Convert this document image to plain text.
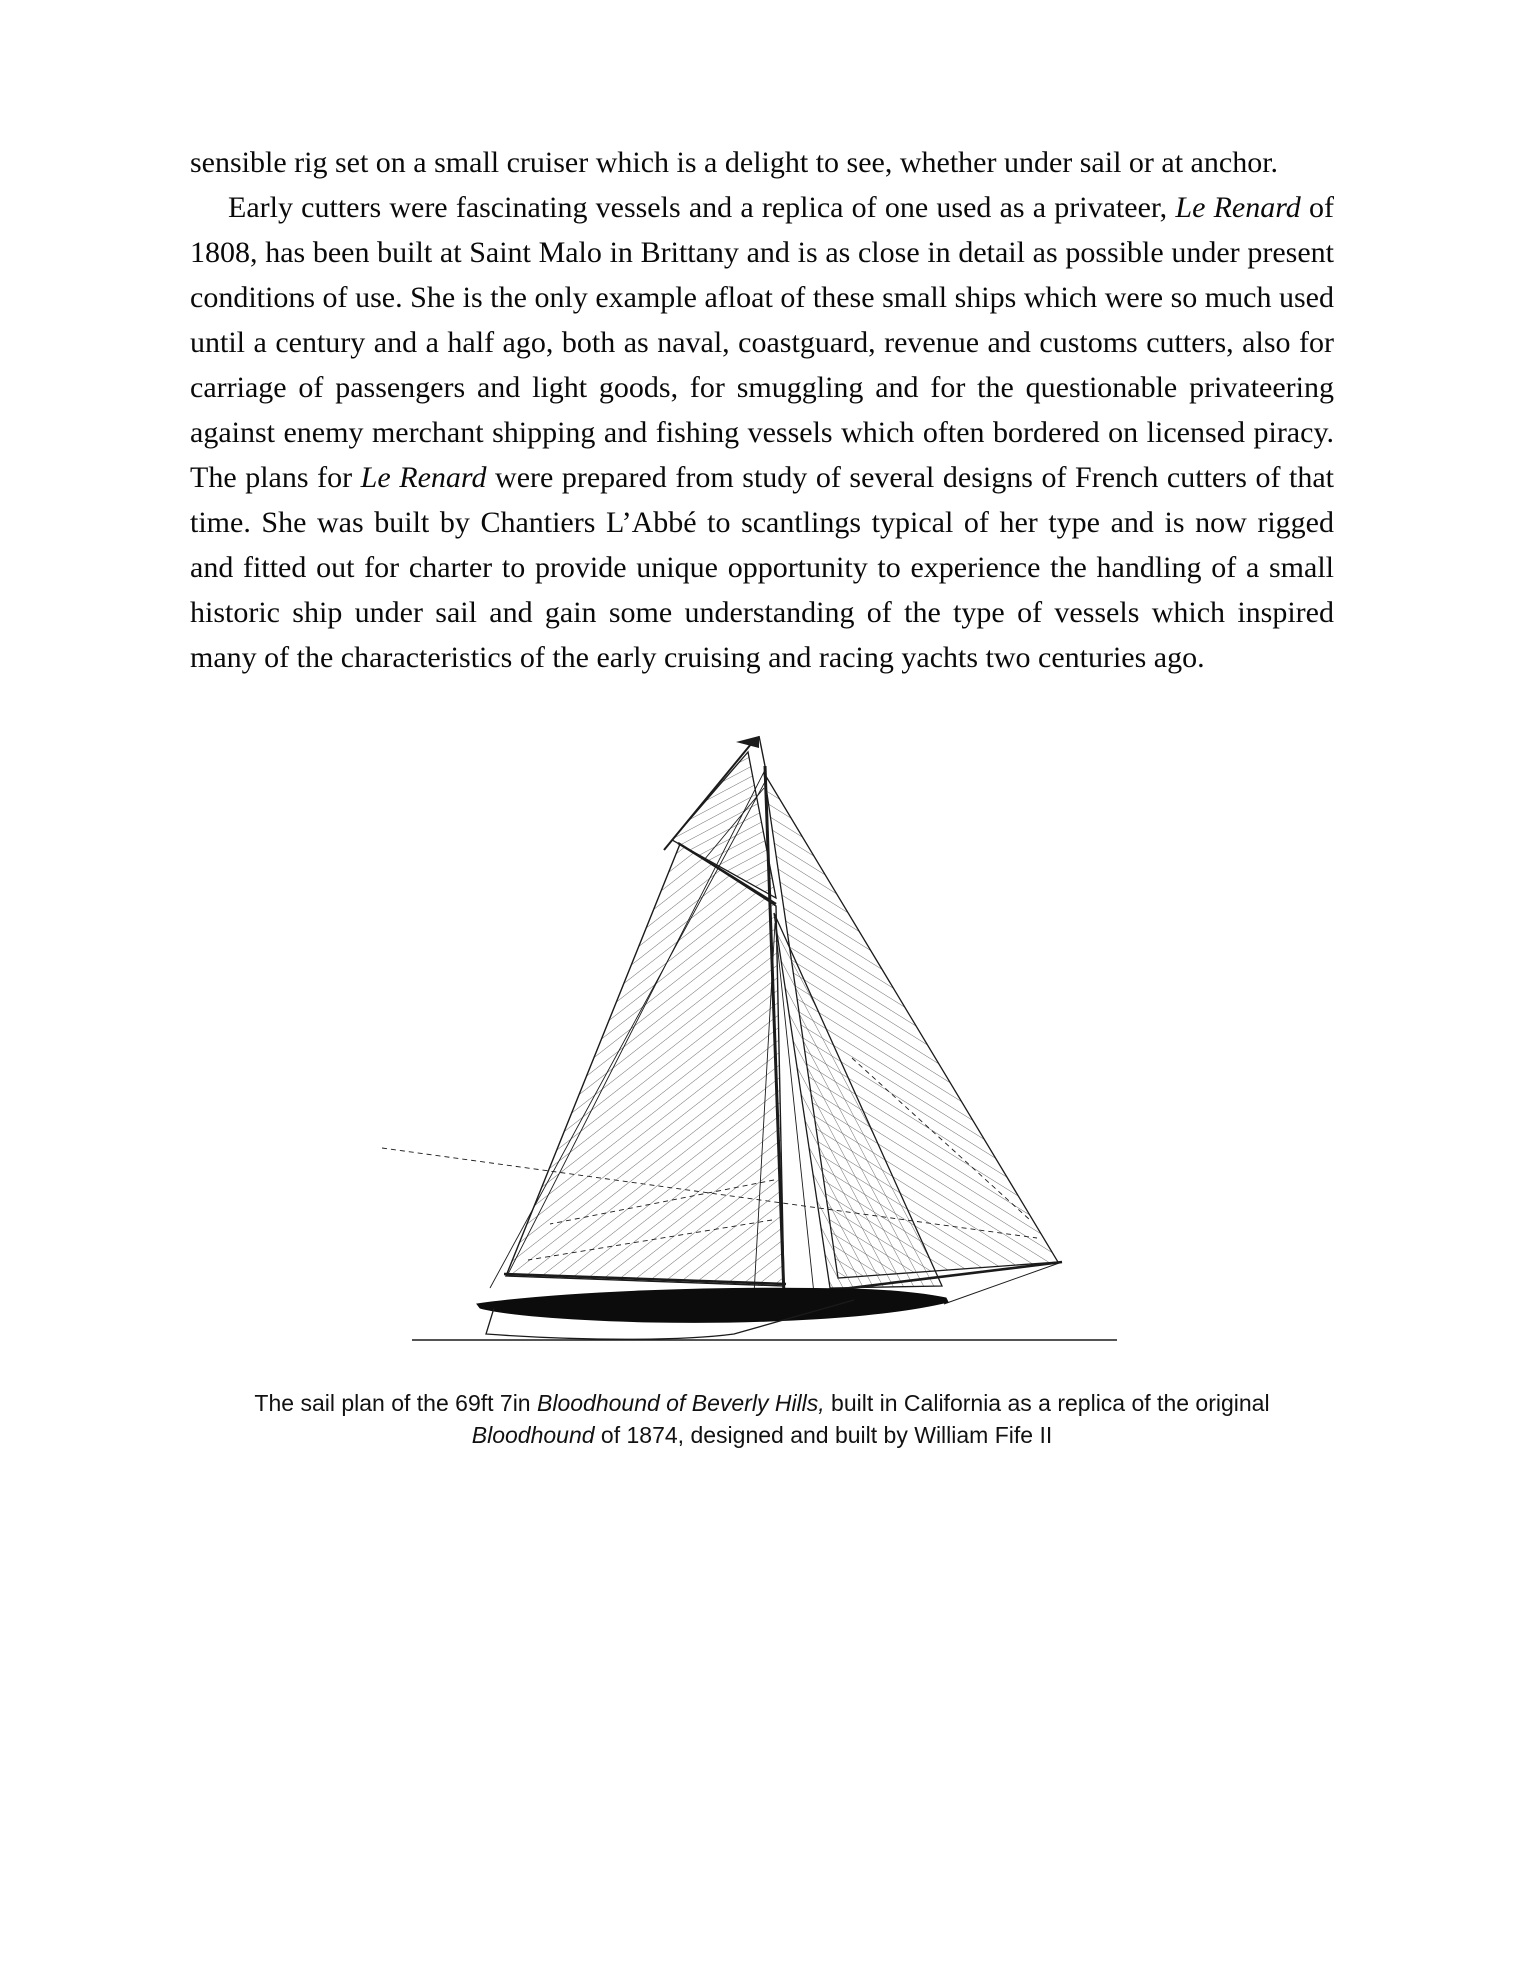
sensible rig set on a small cruiser which is a delight to see, whether under sail or at anchor.

Early cutters were fascinating vessels and a replica of one used as a privateer, Le Renard of 1808, has been built at Saint Malo in Brittany and is as close in detail as possible under present conditions of use. She is the only example afloat of these small ships which were so much used until a century and a half ago, both as naval, coastguard, revenue and customs cutters, also for carriage of passengers and light goods, for smuggling and for the questionable privateering against enemy merchant shipping and fishing vessels which often bordered on licensed piracy. The plans for Le Renard were prepared from study of several designs of French cutters of that time. She was built by Chantiers L’Abbé to scantlings typical of her type and is now rigged and fitted out for charter to provide unique opportunity to experience the handling of a small historic ship under sail and gain some understanding of the type of vessels which inspired many of the characteristics of the early cruising and racing yachts two centuries ago.

The sail plan of the 69ft 7in Bloodhound of Beverly Hills, built in California as a replica of the original Bloodhound of 1874, designed and built by William Fife II
